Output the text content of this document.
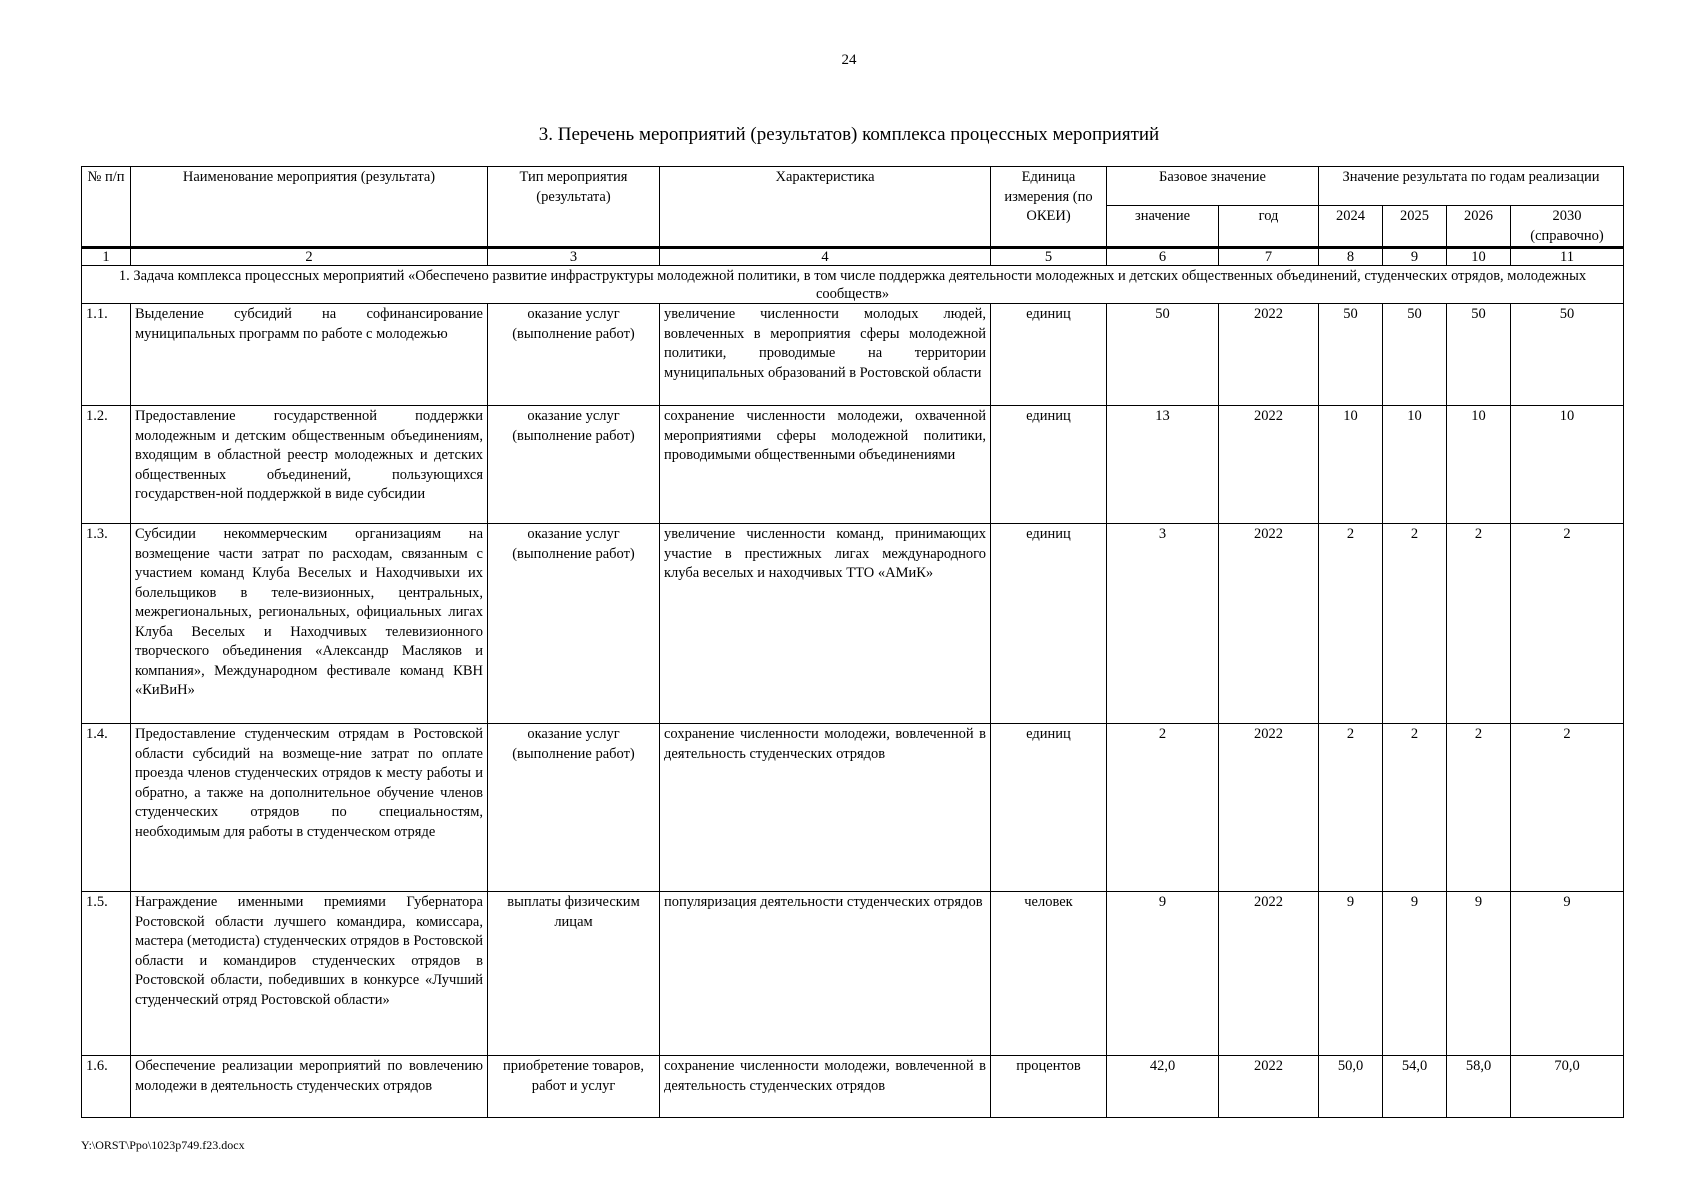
24
3. Перечень мероприятий (результатов) комплекса процессных мероприятий
№ п/п	Наименование мероприятия (результата)	Тип мероприятия (результата)	Характеристика	Единица измерения (по ОКЕИ)	Базовое значение		Значение результата по годам реализации			
					значение	год	2024	2025	2026	2030 (справочно)
1	2	3	4	5	6	7	8	9	10	11
1. Задача комплекса процессных мероприятий «Обеспечено развитие инфраструктуры молодежной политики, в том числе поддержка деятельности молодежных и детских общественных объединений, студенческих отрядов, молодежных сообществ»										
1.1.	Выделение субсидий на софинансирование муниципальных программ по работе с молодежью	оказание услуг (выполнение работ)	увеличение численности молодых людей, вовлеченных в мероприятия сферы молодежной политики, проводимые на территории муниципальных образований в Ростовской области	единиц	50	2022	50	50	50	50
1.2.	Предоставление государственной поддержки молодежным и детским общественным объединениям, входящим в областной реестр молодежных и детских общественных объединений, пользующихся государствен-ной поддержкой в виде субсидии	оказание услуг (выполнение работ)	сохранение численности молодежи, охваченной мероприятиями сферы молодежной политики, проводимыми общественными объединениями	единиц	13	2022	10	10	10	10
1.3.	Субсидии некоммерческим организациям на возмещение части затрат по расходам, связанным с участием команд Клуба Веселых и Находчивыхи их болельщиков в теле-визионных, центральных, межрегиональных, региональных, официальных лигах Клуба Веселых и Находчивых телевизионного творческого объединения «Александр Масляков и компания», Международном фестивале команд КВН «КиВиН»	оказание услуг (выполнение работ)	увеличение численности команд, принимающих участие в престижных лигах международного клуба веселых и находчивых ТТО «АМиК»	единиц	3	2022	2	2	2	2
1.4.	Предоставление студенческим отрядам в Ростовской области субсидий на возмеще-ние затрат по оплате проезда членов студенческих отрядов к месту работы и обратно, а также на дополнительное обучение членов студенческих отрядов по специальностям, необходимым для работы в студенческом отряде	оказание услуг (выполнение работ)	сохранение численности молодежи, вовлеченной в деятельность студенческих отрядов	единиц	2	2022	2	2	2	2
1.5.	Награждение именными премиями Губернатора Ростовской области лучшего командира, комиссара, мастера (методиста) студенческих отрядов в Ростовской области и командиров студенческих отрядов в Ростовской области, победивших в конкурсе «Лучший студенческий отряд Ростовской области»	выплаты физическим лицам	популяризация деятельности студенческих отрядов	человек	9	2022	9	9	9	9
1.6.	Обеспечение реализации мероприятий по вовлечению молодежи в деятельность студенческих отрядов	приобретение товаров, работ и услуг	сохранение численности молодежи, вовлеченной в деятельность студенческих отрядов	процентов	42,0	2022	50,0	54,0	58,0	70,0
Y:\ORST\Ppo\1023p749.f23.docx
